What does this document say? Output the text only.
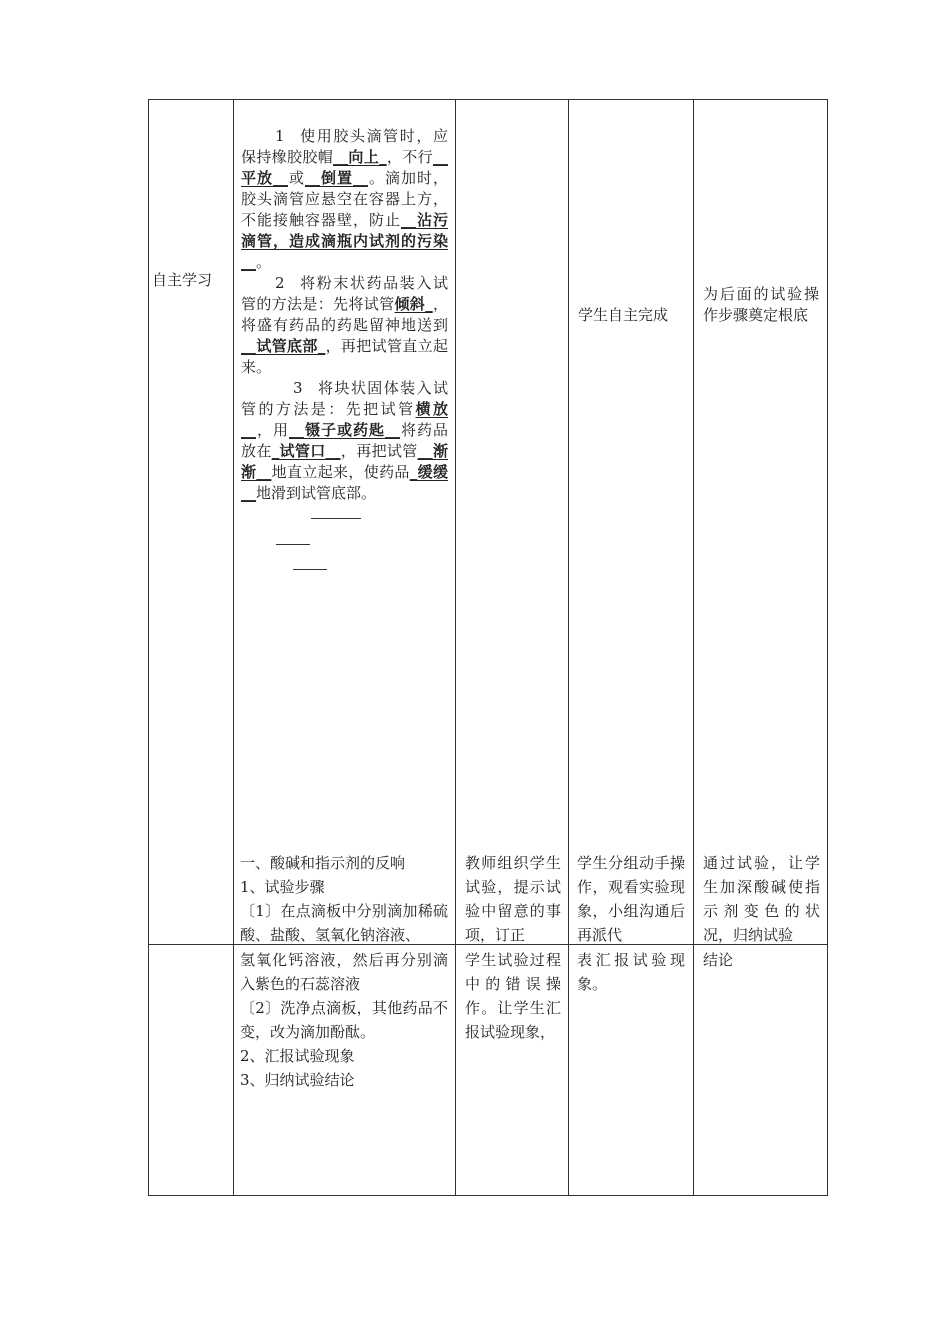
自主学习

1 使用胶头滴管时，应保持橡胶胶帽__向上_，不行__平放__或__倒置__。滴加时，胶头滴管应悬空在容器上方，不能接触容器壁，防止__沾污滴管，造成滴瓶内试剂的污染__。

2 将粉末状药品装入试管的方法是：先将试管倾斜_，将盛有药品的药匙留神地送到__试管底部_，再把试管直立起来。

3 将块状固体装入试管的方法是：先把试管横放__，用__镊子或药匙__将药品放在_试管口__，再把试管__渐渐__地直立起来，使药品_缓缓__地滑到试管底部。

学生自主完成
为后面的试验操作步骤奠定根底
一、酸碱和指示剂的反响
1、试验步骤
〔1〕在点滴板中分别滴加稀硫酸、盐酸、氢氧化钠溶液、
教师组织学生试验，提示试验中留意的事项，订正
学生分组动手操作，观看实验现象，小组沟通后再派代
通过试验，让学生加深酸碱使指示剂变色的状况，归纳试验
氢氧化钙溶液，然后再分别滴入紫色的石蕊溶液
〔2〕洗净点滴板，其他药品不变，改为滴加酚酞。
2、汇报试验现象
3、归纳试验结论
学生试验过程中的错误操作。让学生汇报试验现象，
表汇报试验现象。
结论
